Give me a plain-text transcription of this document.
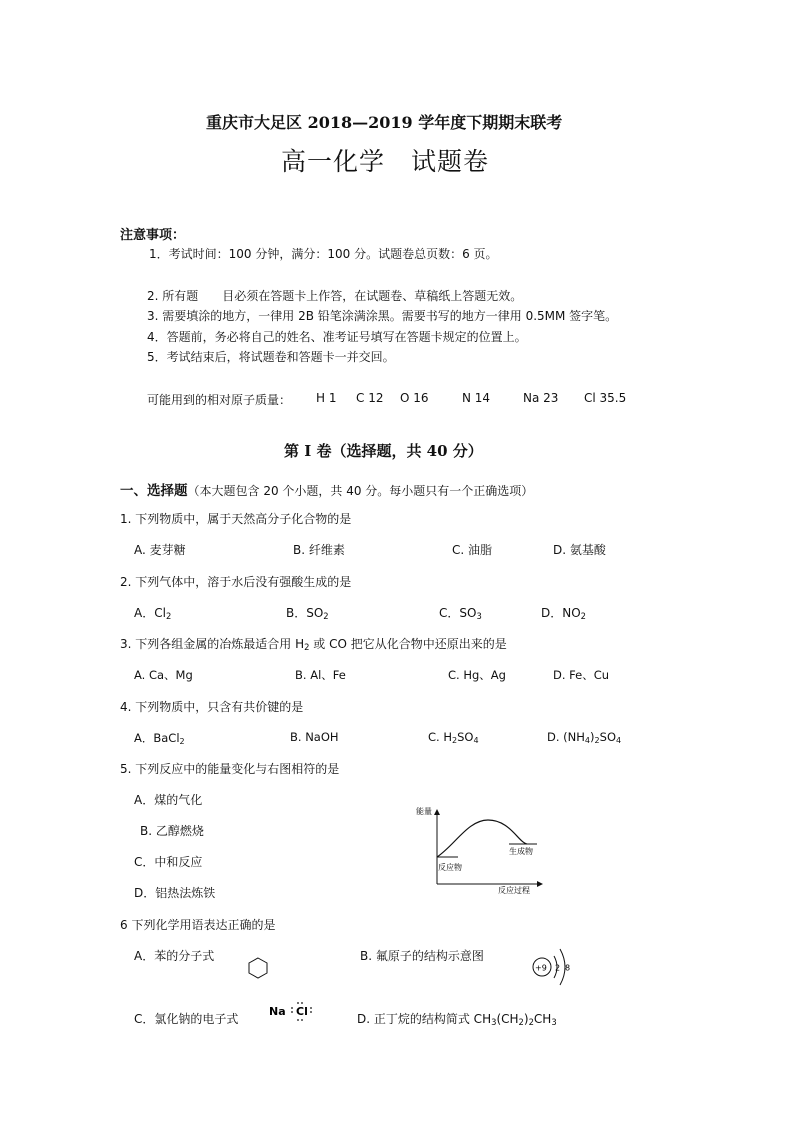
重庆市大足区 2018—2019 学年度下期期末联考
高一化学　试题卷
注意事项：
1．考试时间：100 分钟，满分：100 分。试题卷总页数：6 页。
2. 所有题　　目必须在答题卡上作答，在试题卷、草稿纸上答题无效。
3. 需要填涂的地方，一律用 2B 铅笔涂满涂黑。需要书写的地方一律用 0.5MM 签字笔。
4．答题前，务必将自己的姓名、准考证号填写在答题卡规定的位置上。
5．考试结束后，将试题卷和答题卡一并交回。
可能用到的相对原子质量： H 1 C 12 O 16	N 14	Na 23 Cl 35.5
第 I 卷（选择题，共 40 分）
一、选择题（本大题包含 20 个小题，共 40 分。每小题只有一个正确选项）
1. 下列物质中，属于天然高分子化合物的是
A. 麦芽糖	B. 纤维素	C. 油脂	D. 氨基酸
2. 下列气体中，溶于水后没有强酸生成的是
A．$Cl_2$	B．$SO_2$	C．$SO_3$	D．$NO_2$
3. 下列各组金属的冶炼最适合用 $H_2$ 或 CO 把它从化合物中还原出来的是
A. Ca、Mg	B. Al、Fe	C. Hg、Ag	D. Fe、Cu
4. 下列物质中，只含有共价键的是
A．BaCl$_2$	B. NaOH	C. $H_2SO_4$	D. $(NH_4)_2SO_4$
5. 下列反应中的能量变化与右图相符的是
A．煤的气化
B. 乙醇燃烧
C．中和反应
D．铝热法炼铁
能量
反应过程
反应物
生成物
6 下列化学用语表达正确的是
A．苯的分子式	B. 氟原子的结构示意图
+9 2 8
C．氯化钠的电子式
Na Cl
D. 正丁烷的结构简式 $CH_3(CH_2)_2CH_3$
